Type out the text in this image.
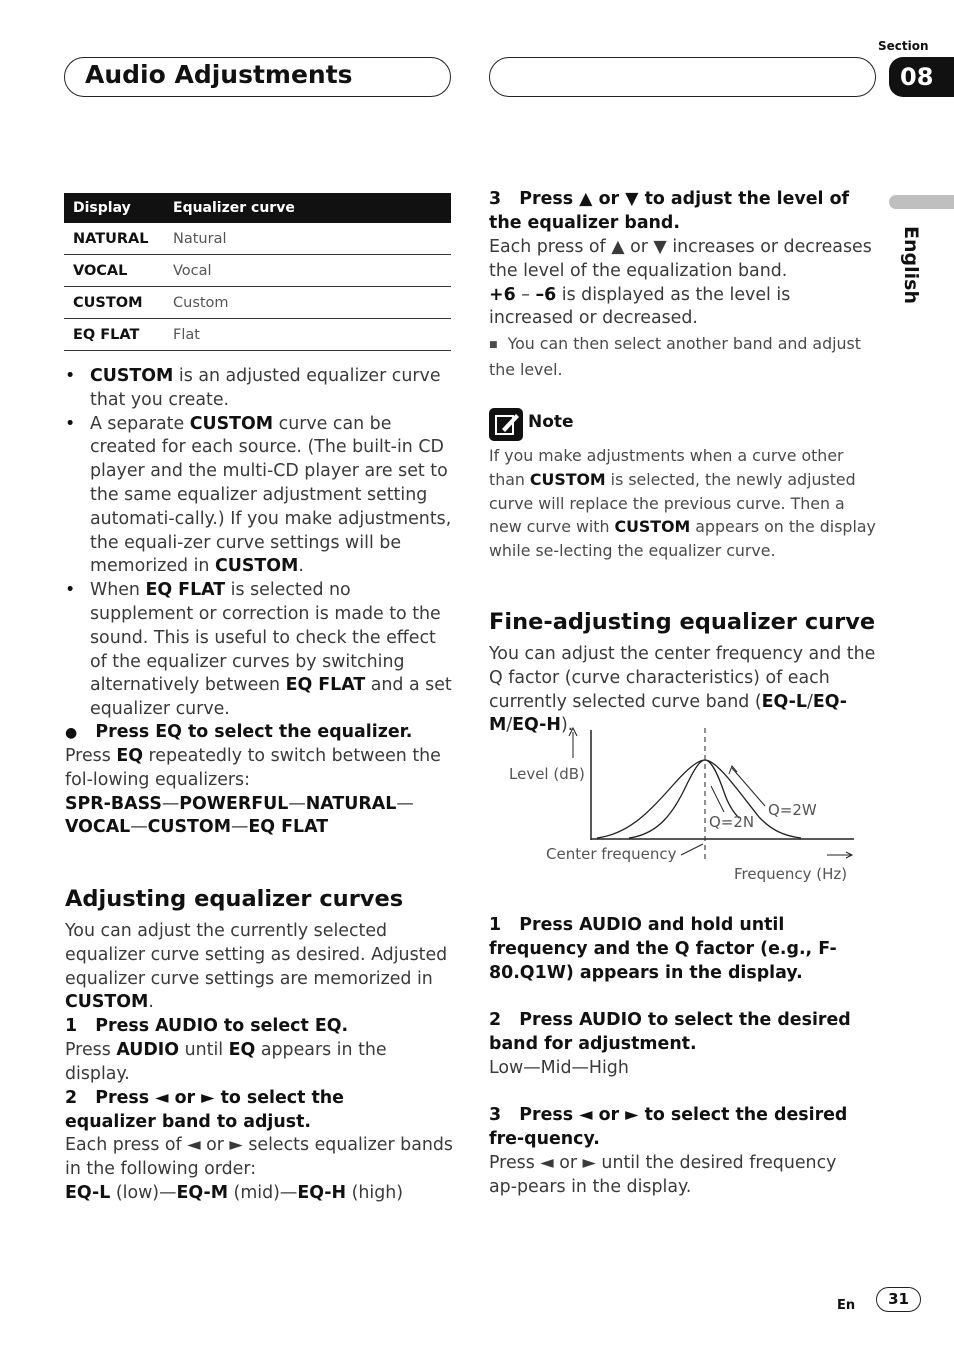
Audio Adjustments
Section
08
English
Display	Equalizer curve
NATURAL	Natural
VOCAL	Vocal
CUSTOM	Custom
EQ FLAT	Flat
• CUSTOM is an adjusted equalizer curve that you create.
• A separate CUSTOM curve can be created for each source. (The built-in CD player and the multi-CD player are set to the same equalizer adjustment setting automati-cally.) If you make adjustments, the equali-zer curve settings will be memorized in CUSTOM.
• When EQ FLAT is selected no supplement or correction is made to the sound. This is useful to check the effect of the equalizer curves by switching alternatively between EQ FLAT and a set equalizer curve.

● Press EQ to select the equalizer.

Press EQ repeatedly to switch between the fol-lowing equalizers:
SPR-BASS—POWERFUL—NATURAL—
VOCAL—CUSTOM—EQ FLAT

Adjusting equalizer curves

You can adjust the currently selected equalizer curve setting as desired. Adjusted equalizer curve settings are memorized in CUSTOM.

1   Press AUDIO to select EQ.

Press AUDIO until EQ appears in the display.

2   Press ◄ or ► to select the equalizer band to adjust.

Each press of ◄ or ► selects equalizer bands in the following order:
EQ-L (low)—EQ-M (mid)—EQ-H (high)

3   Press ▲ or ▼ to adjust the level of the equalizer band.

Each press of ▲ or ▼ increases or decreases the level of the equalization band.
+6 – –6 is displayed as the level is increased or decreased.

■ You can then select another band and adjust the level.

Note

If you make adjustments when a curve other than CUSTOM is selected, the newly adjusted curve will replace the previous curve. Then a new curve with CUSTOM appears on the display while se-lecting the equalizer curve.

Fine-adjusting equalizer curve

You can adjust the center frequency and the Q factor (curve characteristics) of each currently selected curve band (EQ-L/EQ-M/EQ-H).

Level (dB)
Q=2N
Q=2W
Center frequency
Frequency (Hz)

1   Press AUDIO and hold until frequency and the Q factor (e.g., F- 80.Q1W) appears in the display.

2   Press AUDIO to select the desired band for adjustment.

Low—Mid—High

3   Press ◄ or ► to select the desired fre-quency.

Press ◄ or ► until the desired frequency ap-pears in the display.

En	31
